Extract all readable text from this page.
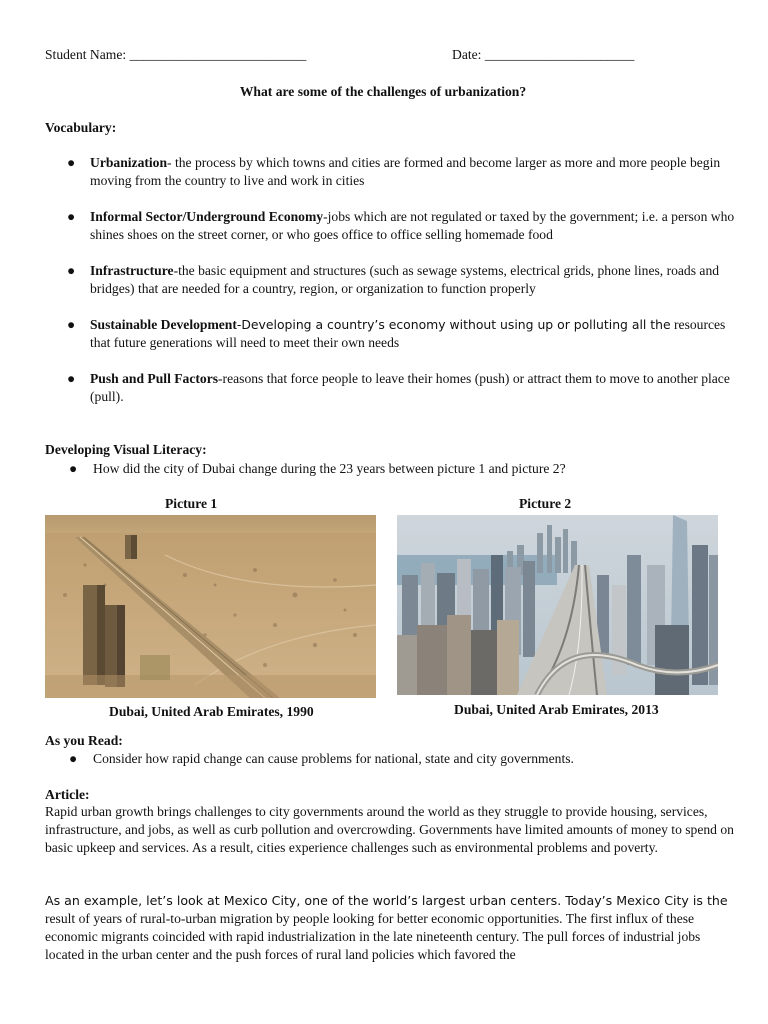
Student Name: __________________________	Date: ______________________
What are some of the challenges of urbanization?
Vocabulary:
● Urbanization- the process by which towns and cities are formed and become larger as more and more people begin moving from the country to live and work in cities
● Informal Sector/Underground Economy-jobs which are not regulated or taxed by the government; i.e. a person who shines shoes on the street corner, or who goes office to office selling homemade food
● Infrastructure-the basic equipment and structures (such as sewage systems, electrical grids, phone lines, roads and bridges) that are needed for a country, region, or organization to function properly
● Sustainable Development-Developing a country’s economy without using up or polluting all the resources that future generations will need to meet their own needs
● Push and Pull Factors-reasons that force people to leave their homes (push) or attract them to move to another place (pull).
Developing Visual Literacy:
● How did the city of Dubai change during the 23 years between picture 1 and picture 2?
Picture 1	Picture 2
Dubai, United Arab Emirates, 1990	Dubai, United Arab Emirates, 2013
As you Read:
● Consider how rapid change can cause problems for national, state and city governments.
Article:
Rapid urban growth brings challenges to city governments around the world as they struggle to provide housing, services, infrastructure, and jobs, as well as curb pollution and overcrowding. Governments have limited amounts of money to spend on basic upkeep and services. As a result, cities experience challenges such as environmental problems and poverty.
As an example, let’s look at Mexico City, one of the world’s largest urban centers. Today’s Mexico City is the result of years of rural-to-urban migration by people looking for better economic opportunities. The first influx of these economic migrants coincided with rapid industrialization in the late nineteenth century. The pull forces of industrial jobs located in the urban center and the push forces of rural land policies which favored the
